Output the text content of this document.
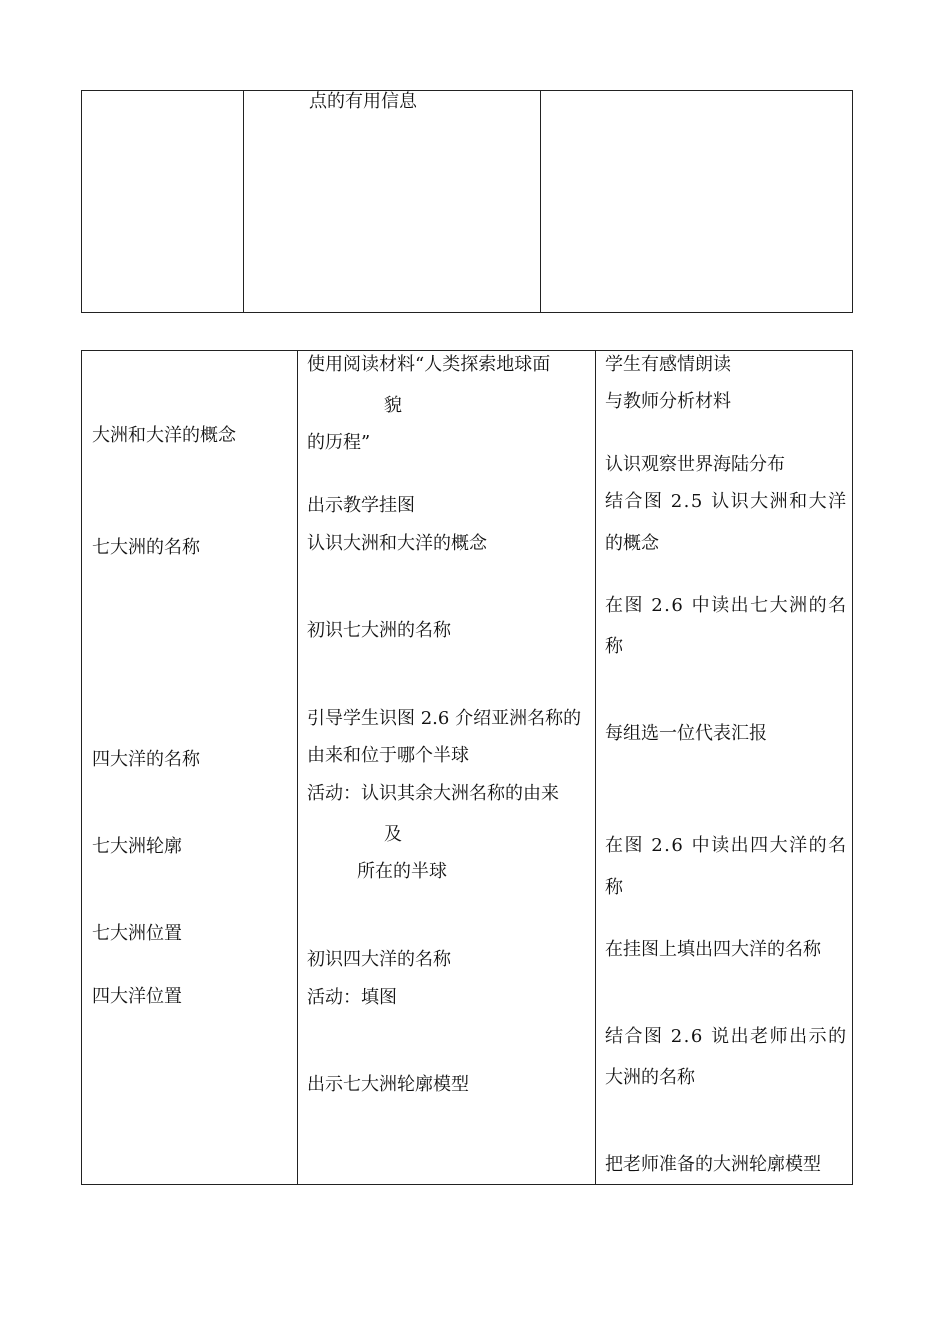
点的有用信息
大洲和大洋的概念
七大洲的名称
四大洋的名称
七大洲轮廓
七大洲位置
四大洋位置
使用阅读材料“人类探索地球面
貌
的历程”
出示教学挂图
认识大洲和大洋的概念
初识七大洲的名称
引导学生识图 2.6 介绍亚洲名称的
由来和位于哪个半球
活动：认识其余大洲名称的由来
及
所在的半球
初识四大洋的名称
活动：填图
出示七大洲轮廓模型
学生有感情朗读
与教师分析材料
认识观察世界海陆分布
结合图 2.5 认识大洲和大洋
的概念
在图 2.6 中读出七大洲的名
称
每组选一位代表汇报
在图 2.6 中读出四大洋的名
称
在挂图上填出四大洋的名称
结合图 2.6 说出老师出示的
大洲的名称
把老师准备的大洲轮廓模型
